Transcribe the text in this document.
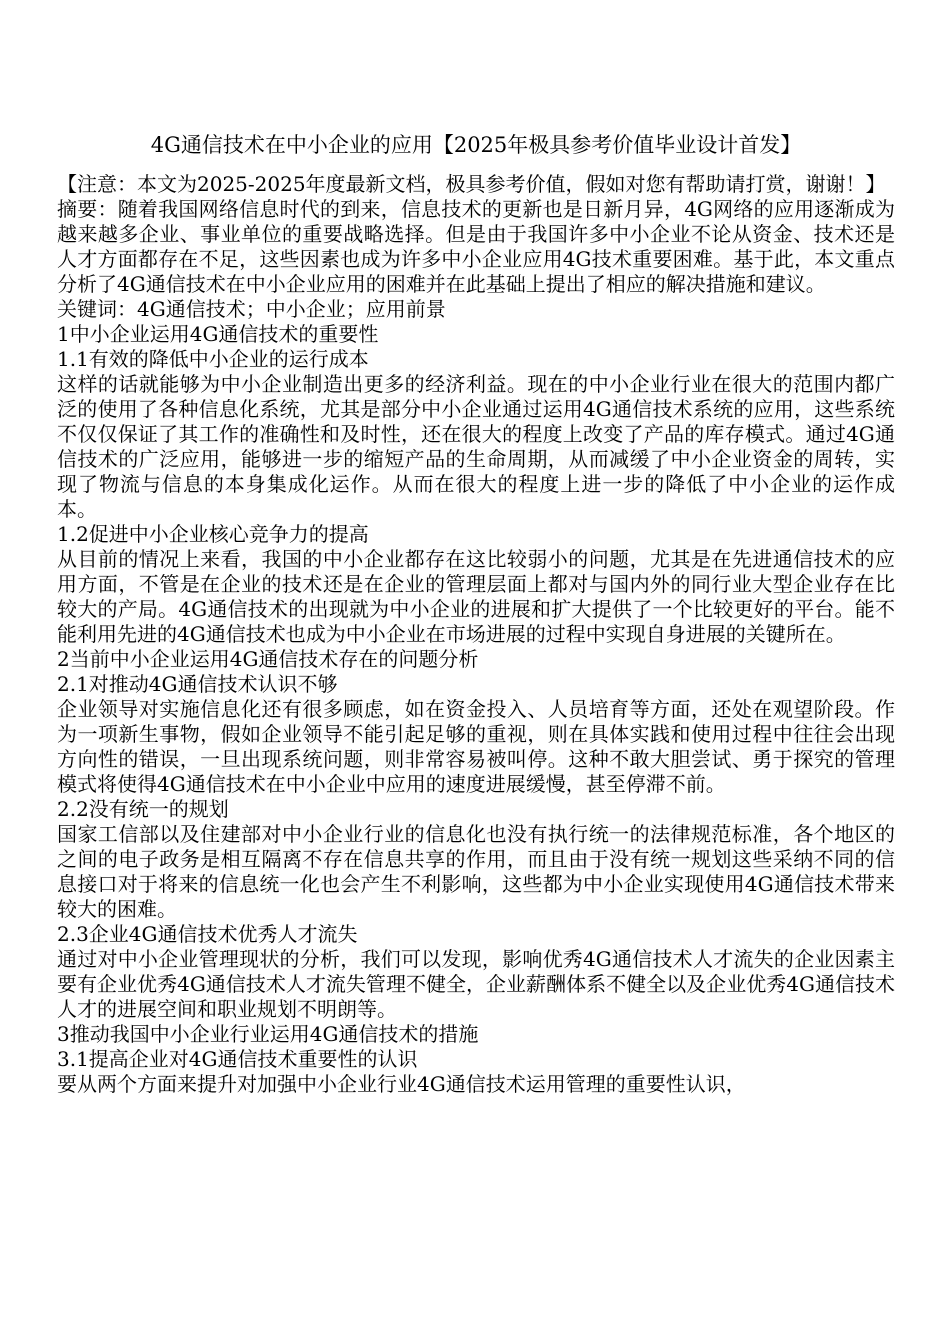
4G通信技术在中小企业的应用【2025年极具参考价值毕业设计首发】
【注意：本文为2025-2025年度最新文档，极具参考价值，假如对您有帮助请打赏，谢谢！】
摘要：随着我国网络信息时代的到来，信息技术的更新也是日新月异，4G网络的应用逐渐成为越来越多企业、事业单位的重要战略选择。但是由于我国许多中小企业不论从资金、技术还是人才方面都存在不足，这些因素也成为许多中小企业应用4G技术重要困难。基于此，本文重点分析了4G通信技术在中小企业应用的困难并在此基础上提出了相应的解决措施和建议。
关键词：4G通信技术；中小企业；应用前景
1中小企业运用4G通信技术的重要性
1.1有效的降低中小企业的运行成本
这样的话就能够为中小企业制造出更多的经济利益。现在的中小企业行业在很大的范围内都广泛的使用了各种信息化系统，尤其是部分中小企业通过运用4G通信技术系统的应用，这些系统不仅仅保证了其工作的准确性和及时性，还在很大的程度上改变了产品的库存模式。通过4G通信技术的广泛应用，能够进一步的缩短产品的生命周期，从而减缓了中小企业资金的周转，实现了物流与信息的本身集成化运作。从而在很大的程度上进一步的降低了中小企业的运作成本。
1.2促进中小企业核心竞争力的提高
从目前的情况上来看，我国的中小企业都存在这比较弱小的问题，尤其是在先进通信技术的应用方面，不管是在企业的技术还是在企业的管理层面上都对与国内外的同行业大型企业存在比较大的产局。4G通信技术的出现就为中小企业的进展和扩大提供了一个比较更好的平台。能不能利用先进的4G通信技术也成为中小企业在市场进展的过程中实现自身进展的关键所在。
2当前中小企业运用4G通信技术存在的问题分析
2.1对推动4G通信技术认识不够
企业领导对实施信息化还有很多顾虑，如在资金投入、人员培育等方面，还处在观望阶段。作为一项新生事物，假如企业领导不能引起足够的重视，则在具体实践和使用过程中往往会出现方向性的错误，一旦出现系统问题，则非常容易被叫停。这种不敢大胆尝试、勇于探究的管理模式将使得4G通信技术在中小企业中应用的速度进展缓慢，甚至停滞不前。
2.2没有统一的规划
国家工信部以及住建部对中小企业行业的信息化也没有执行统一的法律规范标准，各个地区的之间的电子政务是相互隔离不存在信息共享的作用，而且由于没有统一规划这些采纳不同的信息接口对于将来的信息统一化也会产生不利影响，这些都为中小企业实现使用4G通信技术带来较大的困难。
2.3企业4G通信技术优秀人才流失
通过对中小企业管理现状的分析，我们可以发现，影响优秀4G通信技术人才流失的企业因素主要有企业优秀4G通信技术人才流失管理不健全，企业薪酬体系不健全以及企业优秀4G通信技术人才的进展空间和职业规划不明朗等。
3推动我国中小企业行业运用4G通信技术的措施
3.1提高企业对4G通信技术重要性的认识
要从两个方面来提升对加强中小企业行业4G通信技术运用管理的重要性认识，
